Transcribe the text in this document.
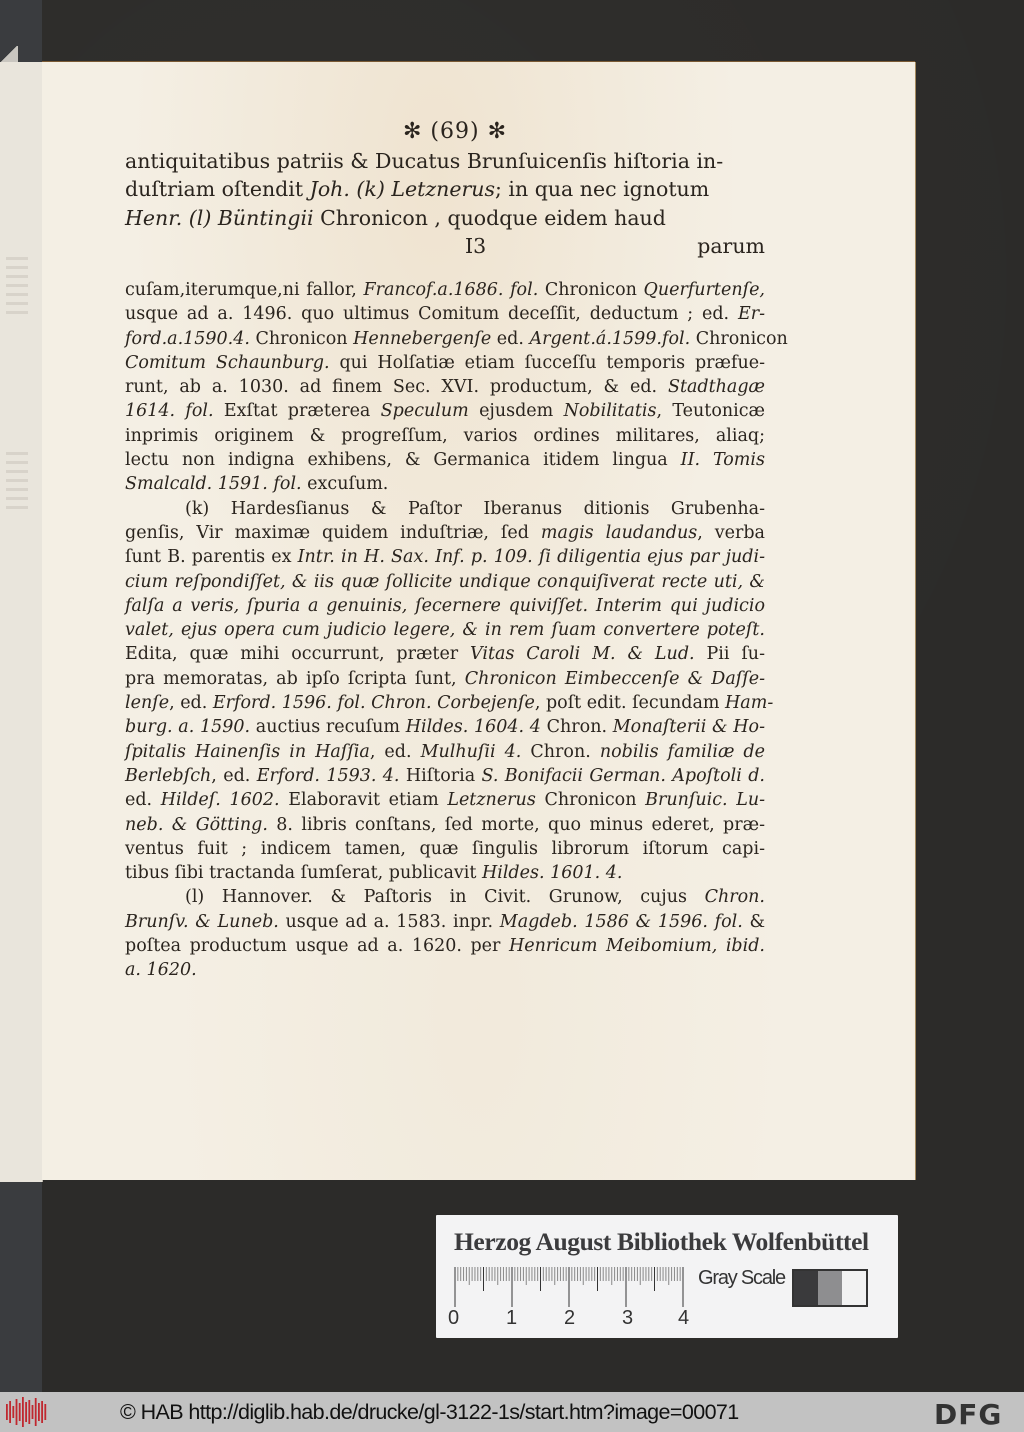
✻ (69) ✻
antiquitatibus patriis & Ducatus Brunſuicenſis hiſtoria in-
duſtriam oſtendit Joh. (k) Letznerus; in qua nec ignotum
Henr. (l) Büntingii Chronicon , quodque eidem haud
I3	parum
cuſam,iterumque,ni fallor, Francof.a.1686. fol. Chronicon Querfurtenſe,
usque ad a. 1496. quo ultimus Comitum deceſſit, deductum ; ed. Er-
ford.a.1590.4. Chronicon Hennebergenſe ed. Argent.á.1599.fol. Chronicon
Comitum Schaunburg. qui Holſatiæ etiam ſucceſſu temporis præfue-
runt, ab a. 1030. ad finem Sec. XVI. productum, & ed. Stadthagæ
1614. fol. Exſtat præterea Speculum ejusdem Nobilitatis, Teutonicæ
inprimis originem & progreſſum, varios ordines militares, aliaq;
lectu non indigna exhibens, & Germanica itidem lingua II. Tomis
Smalcald. 1591. fol. excuſum.
(k) Hardesſianus & Paſtor Iberanus ditionis Grubenha-
genſis, Vir maximæ quidem induſtriæ, ſed magis laudandus, verba
ſunt B. parentis ex Intr. in H. Sax. Inf. p. 109. ſi diligentia ejus par judi-
cium reſpondiſſet, & iis quæ ſollicite undique conquiſiverat recte uti, &
falſa a veris, ſpuria a genuinis, ſecernere quiviſſet. Interim qui judicio
valet, ejus opera cum judicio legere, & in rem ſuam convertere poteſt.
Edita, quæ mihi occurrunt, præter Vitas Caroli M. & Lud. Pii ſu-
pra memoratas, ab ipſo ſcripta ſunt, Chronicon Eimbeccenſe & Daſſe-
lenſe, ed. Erford. 1596. fol. Chron. Corbejenſe, poſt edit. ſecundam Ham-
burg. a. 1590. auctius recuſum Hildes. 1604. 4 Chron. Monaſterii & Ho-
ſpitalis Hainenſis in Haſſia, ed. Mulhuſii 4. Chron. nobilis familiæ de
Berlebſch, ed. Erford. 1593. 4. Hiſtoria S. Bonifacii German. Apoſtoli d.
ed. Hildeſ. 1602. Elaboravit etiam Letznerus Chronicon Brunſuic. Lu-
neb. & Götting. 8. libris conſtans, ſed morte, quo minus ederet, præ-
ventus fuit ; indicem tamen, quæ ſingulis librorum iſtorum capi-
tibus ſibi tractanda ſumſerat, publicavit Hildes. 1601. 4.
(l) Hannover. & Paſtoris in Civit. Grunow, cujus Chron.
Brunſv. & Luneb. usque ad a. 1583. inpr. Magdeb. 1586 & 1596. fol. &
poſtea productum usque ad a. 1620. per Henricum Meibomium, ibid.
a. 1620.
Herzog August Bibliothek Wolfenbüttel
0 1 2 3 4
Gray Scale
© HAB http://diglib.hab.de/drucke/gl-3122-1s/start.htm?image=00071	DFG
